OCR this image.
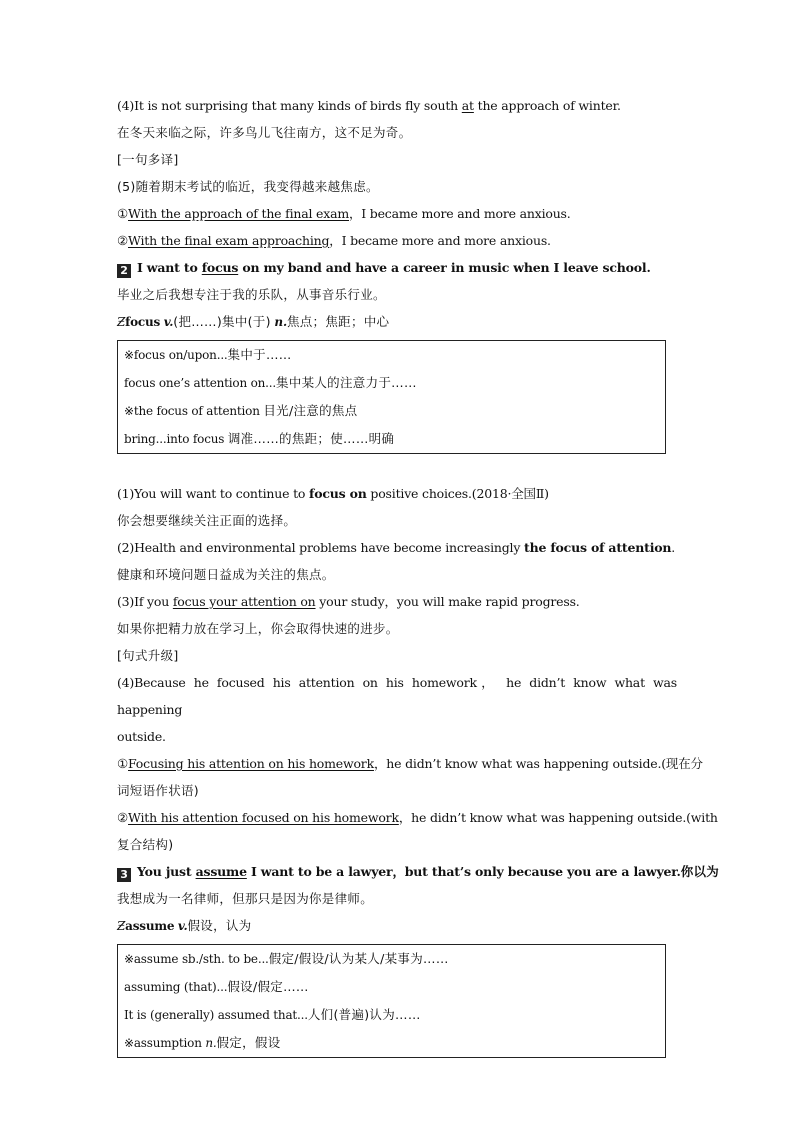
(4)It is not surprising that many kinds of birds fly south at the approach of winter.
在冬天来临之际，许多鸟儿飞往南方，这不足为奇。
[一句多译]
(5)随着期末考试的临近，我变得越来越焦虑。
①With the approach of the final exam，I became more and more anxious.
②With the final exam approaching，I became more and more anxious.
2 I want to focus on my band and have a career in music when I leave school.
毕业之后我想专注于我的乐队，从事音乐行业。
Ƶfocus v.(把……)集中(于) n.焦点；焦距；中心
※focus on/upon...集中于……
focus one’s attention on...集中某人的注意力于……
※the focus of attention 目光/注意的焦点
bring...into focus 调准……的焦距；使……明确
(1)You will want to continue to focus on positive choices.(2018·全国Ⅱ)
你会想要继续关注正面的选择。
(2)Health and environmental problems have become increasingly the focus of attention.
健康和环境问题日益成为关注的焦点。
(3)If you focus your attention on your study，you will make rapid progress.
如果你把精力放在学习上，你会取得快速的进步。
[句式升级]
(4)Because he focused his attention on his homework， he didn’t know what was happening
outside.
①Focusing his attention on his homework，he didn’t know what was happening outside.(现在分
词短语作状语)
②With his attention focused on his homework，he didn’t know what was happening outside.(with
复合结构)
3 You just assume I want to be a lawyer，but that’s only because you are a lawyer.你以为
我想成为一名律师，但那只是因为你是律师。
Ƶassume v.假设，认为
※assume sb./sth. to be...假定/假设/认为某人/某事为……
assuming (that)...假设/假定……
It is (generally) assumed that...人们(普遍)认为……
※assumption n.假定，假设
